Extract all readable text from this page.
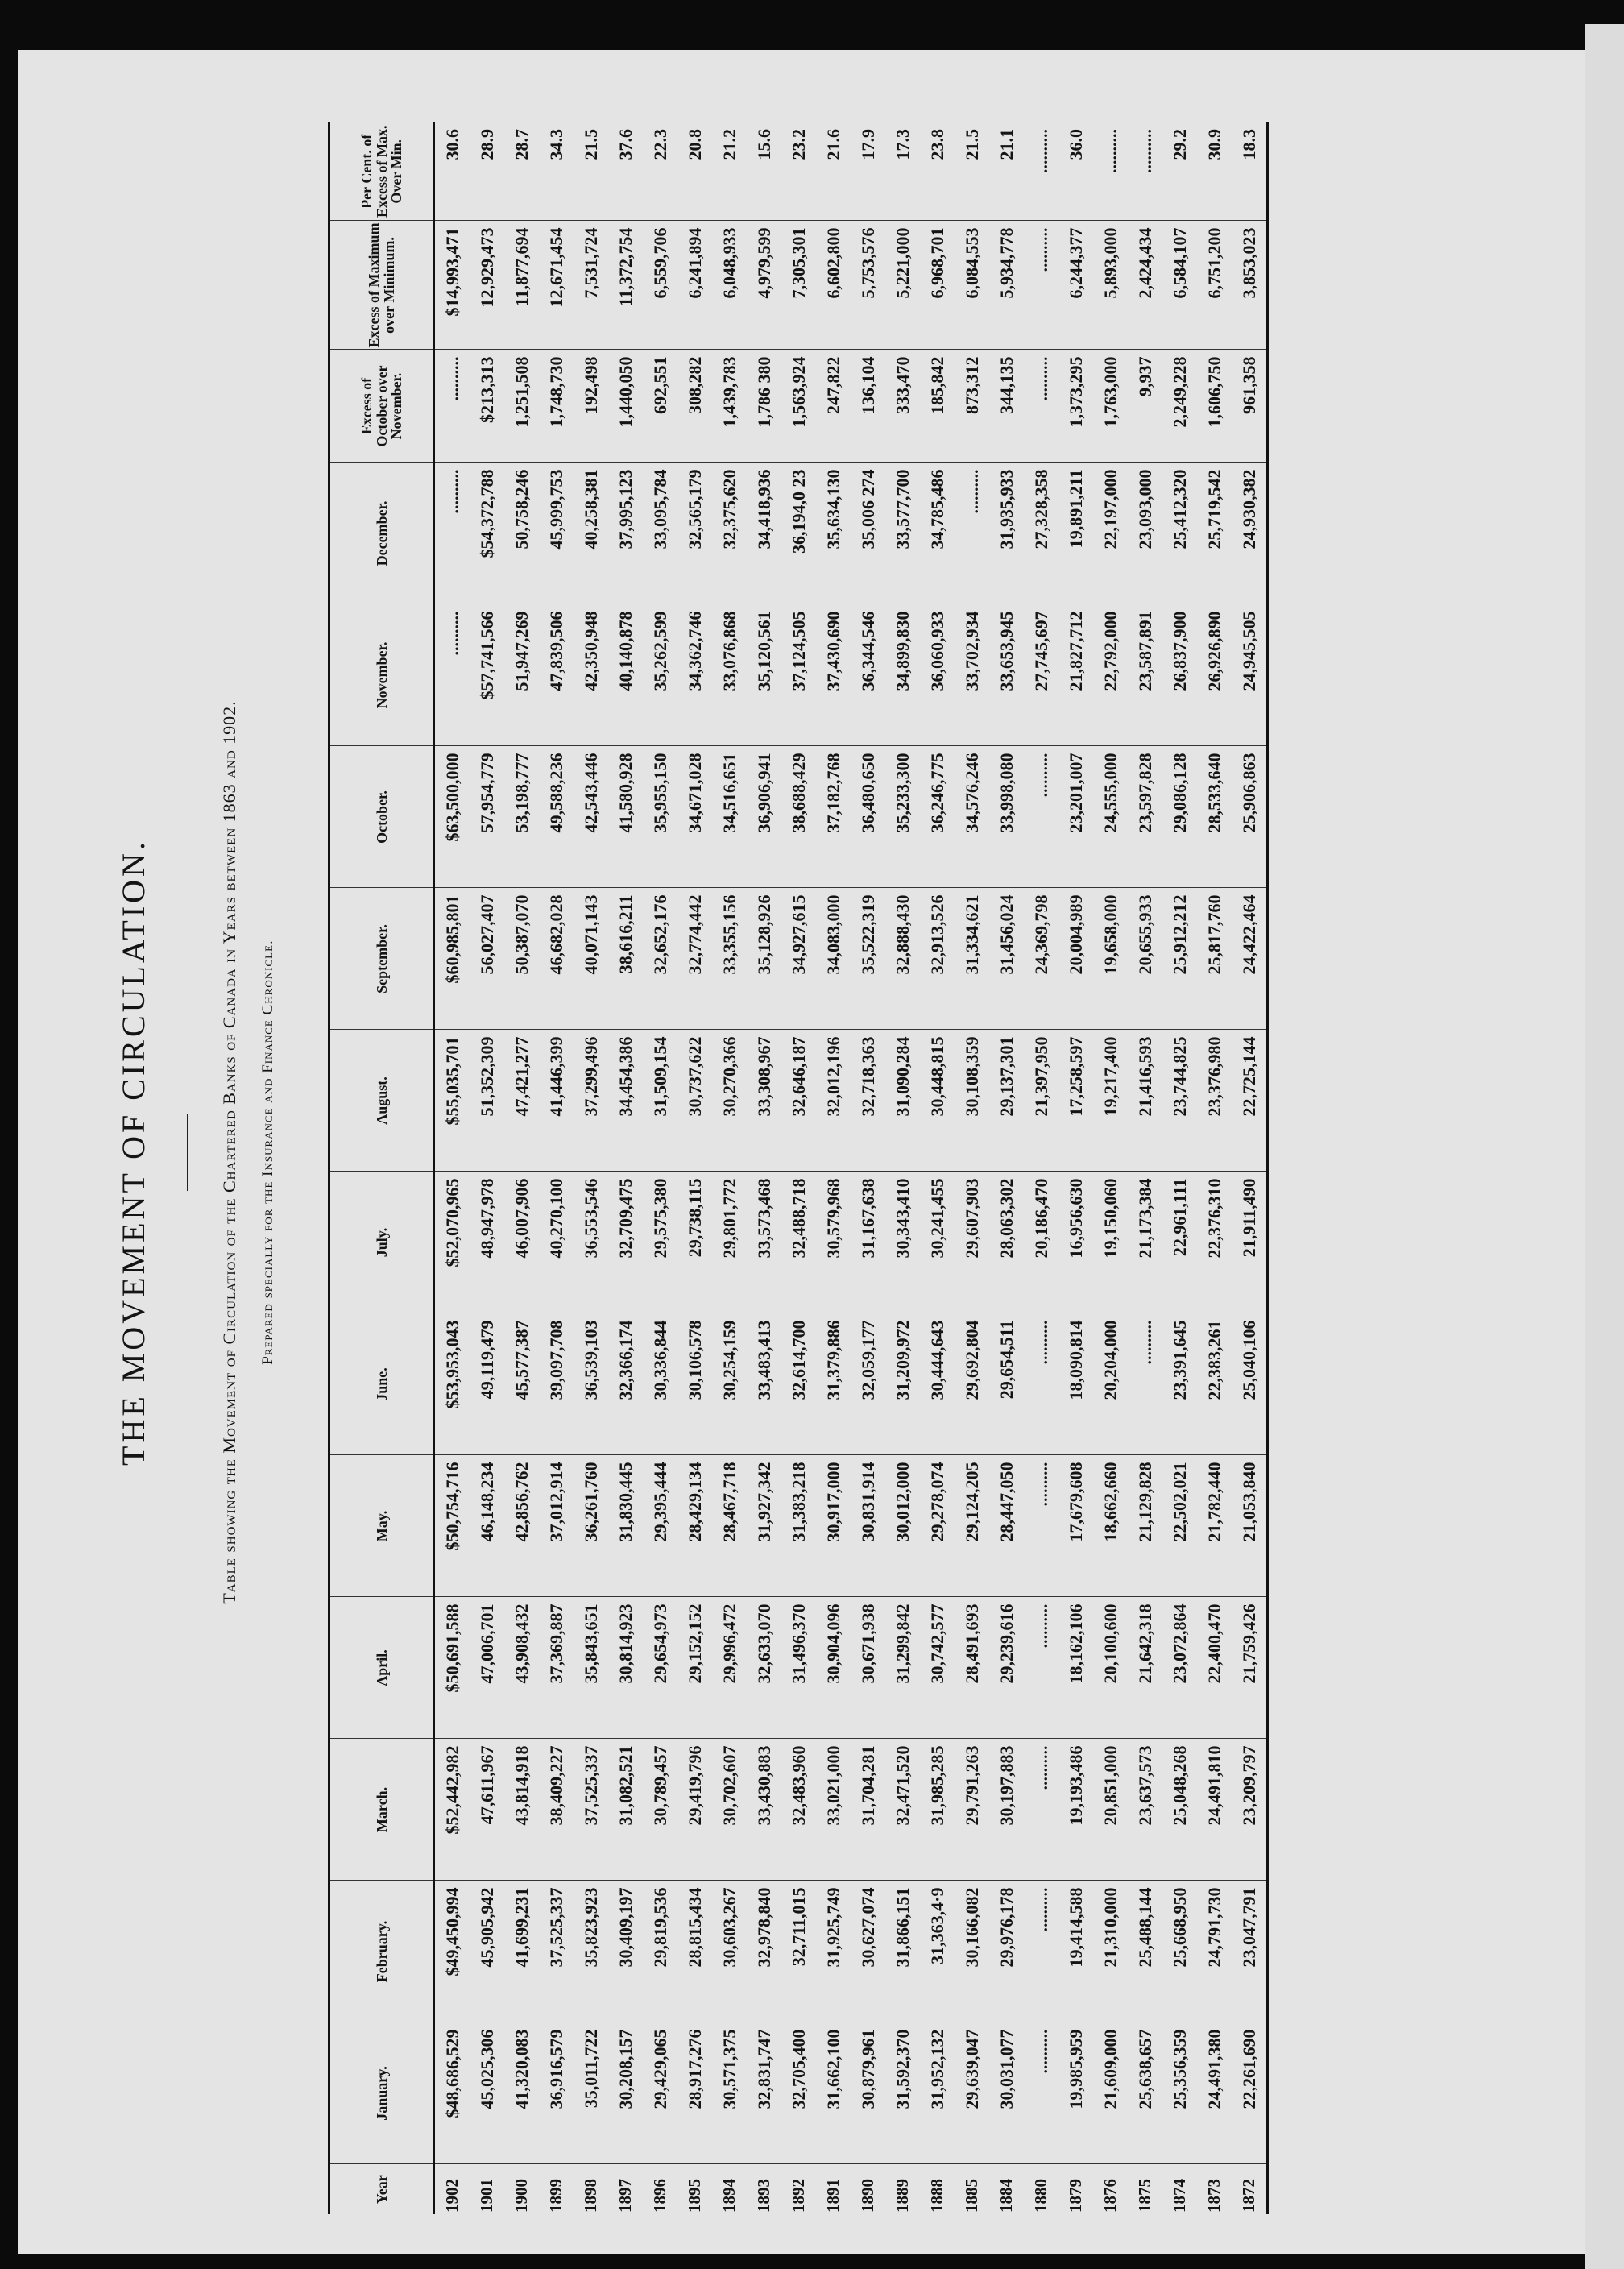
THE MOVEMENT OF CIRCULATION.	Table showing the Movement of Circulation of the Chartered Banks of Canada in Years between 1863 and 1902. Prepared specially for the Insurance and Finance Chronicle.
Year	January.	February.	March.	April.	May.	June.	July.	August.	September.	October.	November.	December.	Excess of October over November.	Excess of Maximum over Minimum.	Per Cent. of Excess of Max. Over Min.
1902	$48,686,529	$49,450,994	$52,442,982	$50,691,588	$50,754,716	$53,953,043	$52,070,965	$55,035,701	$60,985,801	$63,500,000	..........	..........	..........	$14,993,471	30.6
1901	45,025,306	45,905,942	47,611,967	47,006,701	46,148,234	49,119,479	48,947,978	51,352,309	56,027,407	57,954,779	$57,741,566	$54,372,788	$213,313	12,929,473	28.9
1900	41,320,083	41,699,231	43,814,918	43,908,432	42,856,762	45,577,387	46,007,906	47,421,277	50,387,070	53,198,777	51,947,269	50,758,246	1,251,508	11,877,694	28.7
1899	36,916,579	37,525,337	38,409,227	37,369,887	37,012,914	39,097,708	40,270,100	41,446,399	46,682,028	49,588,236	47,839,506	45,999,753	1,748,730	12,671,454	34.3
1898	35,011,722	35,823,923	37,525,337	35,843,651	36,261,760	36,539,103	36,553,546	37,299,496	40,071,143	42,543,446	42,350,948	40,258,381	192,498	7,531,724	21.5
1897	30,208,157	30,409,197	31,082,521	30,814,923	31,830,445	32,366,174	32,709,475	34,454,386	38,616,211	41,580,928	40,140,878	37,995,123	1,440,050	11,372,754	37.6
1896	29,429,065	29,819,536	30,789,457	29,654,973	29,395,444	30,336,844	29,575,380	31,509,154	32,652,176	35,955,150	35,262,599	33,095,784	692,551	6,559,706	22.3
1895	28,917,276	28,815,434	29,419,796	29,152,152	28,429,134	30,106,578	29,738,115	30,737,622	32,774,442	34,671,028	34,362,746	32,565,179	308,282	6,241,894	20.8
1894	30,571,375	30,603,267	30,702,607	29,996,472	28,467,718	30,254,159	29,801,772	30,270,366	33,355,156	34,516,651	33,076,868	32,375,620	1,439,783	6,048,933	21.2
1893	32,831,747	32,978,840	33,430,883	32,633,070	31,927,342	33,483,413	33,573,468	33,308,967	35,128,926	36,906,941	35,120,561	34,418,936	1,786 380	4,979,599	15.6
1892	32,705,400	32,711,015	32,483,960	31,496,370	31,383,218	32,614,700	32,488,718	32,646,187	34,927,615	38,688,429	37,124,505	36,194,0 23	1,563,924	7,305,301	23.2
1891	31,662,100	31,925,749	33,021,000	30,904,096	30,917,000	31,379,886	30,579,968	32,012,196	34,083,000	37,182,768	37,430,690	35,634,130	247,822	6,602,800	21.6
1890	30,879,961	30,627,074	31,704,281	30,671,938	30,831,914	32,059,177	31,167,638	32,718,363	35,522,319	36,480,650	36,344,546	35,006 274	136,104	5,753,576	17.9
1889	31,592,370	31,866,151	32,471,520	31,299,842	30,012,000	31,209,972	30,343,410	31,090,284	32,888,430	35,233,300	34,899,830	33,577,700	333,470	5,221,000	17.3
1888	31,952,132	31,363,4·9	31,985,285	30,742,577	29,278,074	30,444,643	30,241,455	30,448,815	32,913,526	36,246,775	36,060,933	34,785,486	185,842	6,968,701	23.8
1885	29,639,047	30,166,082	29,791,263	28,491,693	29,124,205	29,692,804	29,607,903	30,108,359	31,334,621	34,576,246	33,702,934	..........	873,312	6,084,553	21.5
1884	30,031,077	29,976,178	30,197,883	29,239,616	28,447,050	29,654,511	28,063,302	29,137,301	31,456,024	33,998,080	33,653,945	31,935,933	344,135	5,934,778	21.1
1880	..........	..........	..........	..........	..........	..........	20,186,470	21,397,950	24,369,798	..........	27,745,697	27,328,358	..........	..........	..........
1879	19,985,959	19,414,588	19,193,486	18,162,106	17,679,608	18,090,814	16,956,630	17,258,597	20,004,989	23,201,007	21,827,712	19,891,211	1,373,295	6,244,377	36.0
1876	21,609,000	21,310,000	20,851,000	20,100,600	18,662,660	20,204,000	19,150,060	19,217,400	19,658,000	24,555,000	22,792,000	22,197,000	1,763,000	5,893,000	..........
1875	25,638,657	25,488,144	23,637,573	21,642,318	21,129,828	..........	21,173,384	21,416,593	20,655,933	23,597,828	23,587,891	23,093,000	9,937	2,424,434	..........
1874	25,356,359	25,668,950	25,048,268	23,072,864	22,502,021	23,391,645	22,961,111	23,744,825	25,912,212	29,086,128	26,837,900	25,412,320	2,249,228	6,584,107	29.2
1873	24,491,380	24,791,730	24,491,810	22,400,470	21,782,440	22,383,261	22,376,310	23,376,980	25,817,760	28,533,640	26,926,890	25,719,542	1,606,750	6,751,200	30.9
1872	22,261,690	23,047,791	23,209,797	21,759,426	21,053,840	25,040,106	21,911,490	22,725,144	24,422,464	25,906,863	24,945,505	24,930,382	961,358	3,853,023	18.3
